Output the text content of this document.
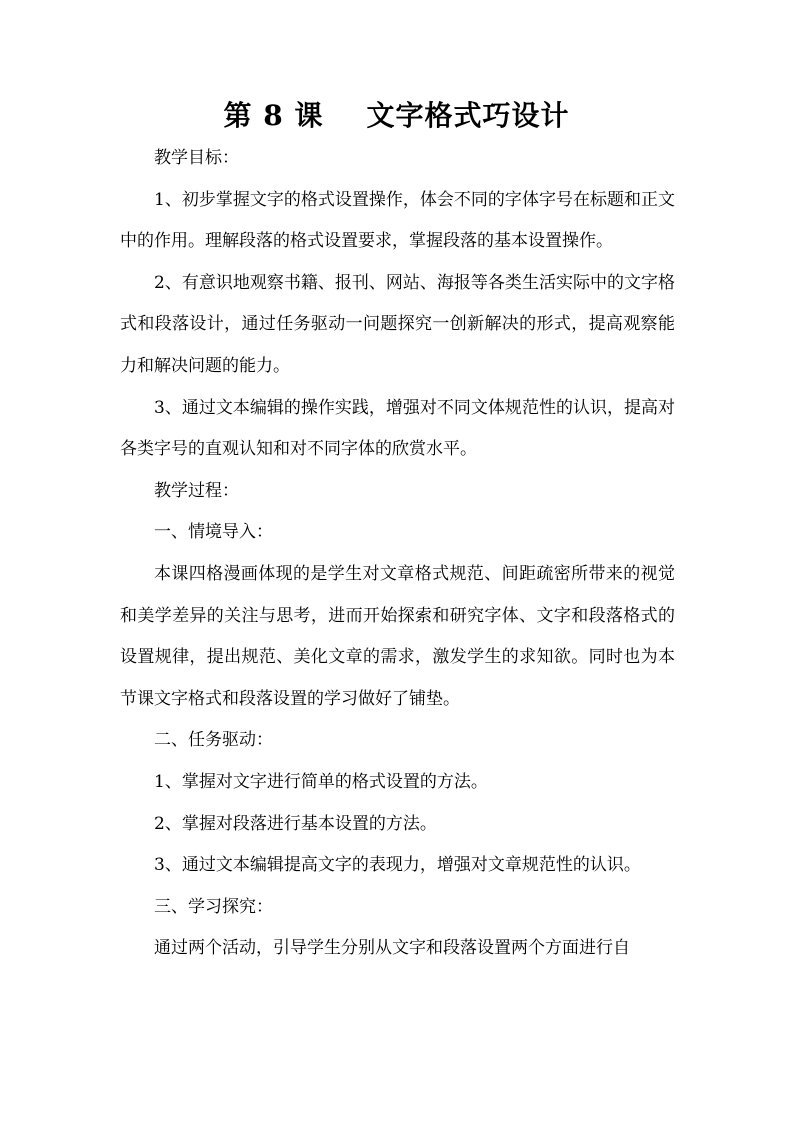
第 8 课    文字格式巧设计

教学目标：

1、初步掌握文字的格式设置操作，体会不同的字体字号在标题和正文中的作用。理解段落的格式设置要求，掌握段落的基本设置操作。

2、有意识地观察书籍、报刊、网站、海报等各类生活实际中的文字格式和段落设计，通过任务驱动一问题探究一创新解决的形式，提高观察能力和解决问题的能力。

3、通过文本编辑的操作实践，增强对不同文体规范性的认识，提高对各类字号的直观认知和对不同字体的欣赏水平。

教学过程：

一、情境导入：

本课四格漫画体现的是学生对文章格式规范、间距疏密所带来的视觉和美学差异的关注与思考，进而开始探索和研究字体、文字和段落格式的设置规律，提出规范、美化文章的需求，激发学生的求知欲。同时也为本节课文字格式和段落设置的学习做好了铺垫。

二、任务驱动：

1、掌握对文字进行简单的格式设置的方法。

2、掌握对段落进行基本设置的方法。

3、通过文本编辑提高文字的表现力，增强对文章规范性的认识。

三、学习探究：

通过两个活动，引导学生分别从文字和段落设置两个方面进行自
